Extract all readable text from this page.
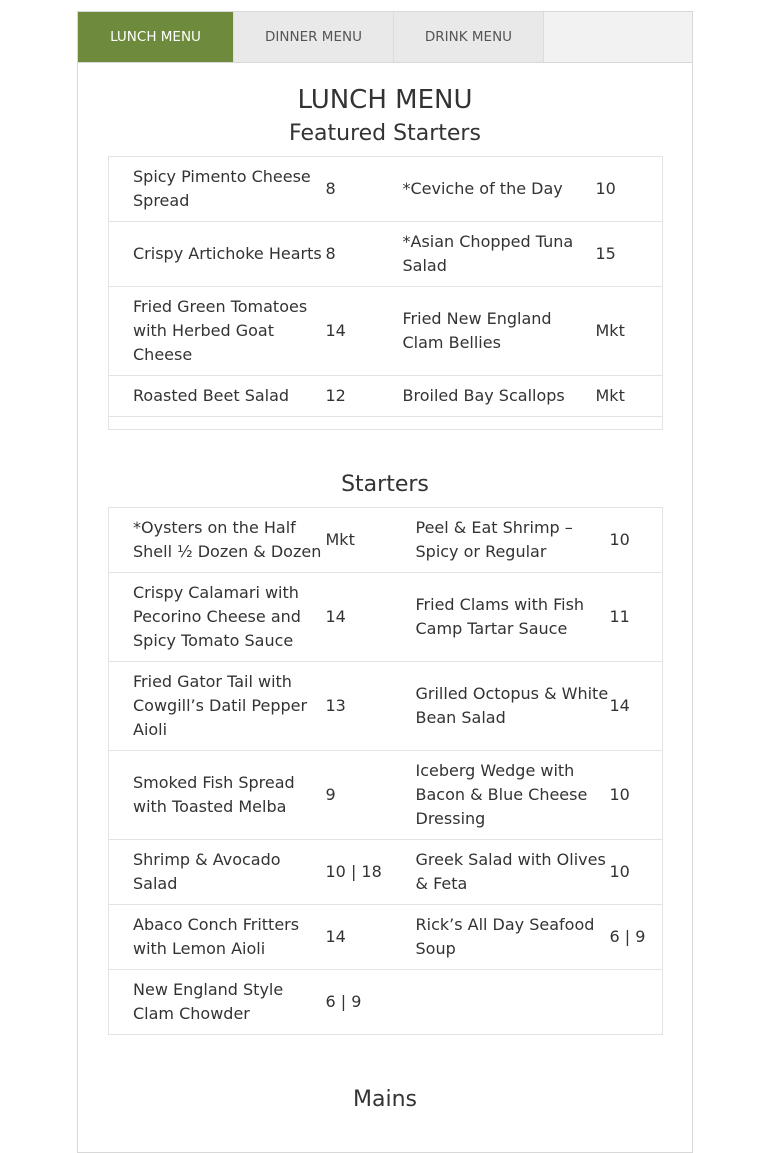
LUNCH MENU	DINNER MENU	DRINK MENU
LUNCH MENU
Featured Starters
Spicy Pimento Cheese Spread	8	*Ceviche of the Day	10
Crispy Artichoke Hearts	8	*Asian Chopped Tuna Salad	15
Fried Green Tomatoes with Herbed Goat Cheese	14	Fried New England Clam Bellies	Mkt
Roasted Beet Salad	12	Broiled Bay Scallops	Mkt

Starters
*Oysters on the Half Shell ½ Dozen & Dozen	Mkt	Peel & Eat Shrimp – Spicy or Regular	10
Crispy Calamari with Pecorino Cheese and Spicy Tomato Sauce	14	Fried Clams with Fish Camp Tartar Sauce	11
Fried Gator Tail with Cowgill’s Datil Pepper Aioli	13	Grilled Octopus & White Bean Salad	14
Smoked Fish Spread with Toasted Melba	9	Iceberg Wedge with Bacon & Blue Cheese Dressing	10
Shrimp & Avocado Salad	10 | 18	Greek Salad with Olives & Feta	10
Abaco Conch Fritters with Lemon Aioli	14	Rick’s All Day Seafood Soup	6 | 9
New England Style Clam Chowder	6 | 9		
Mains
